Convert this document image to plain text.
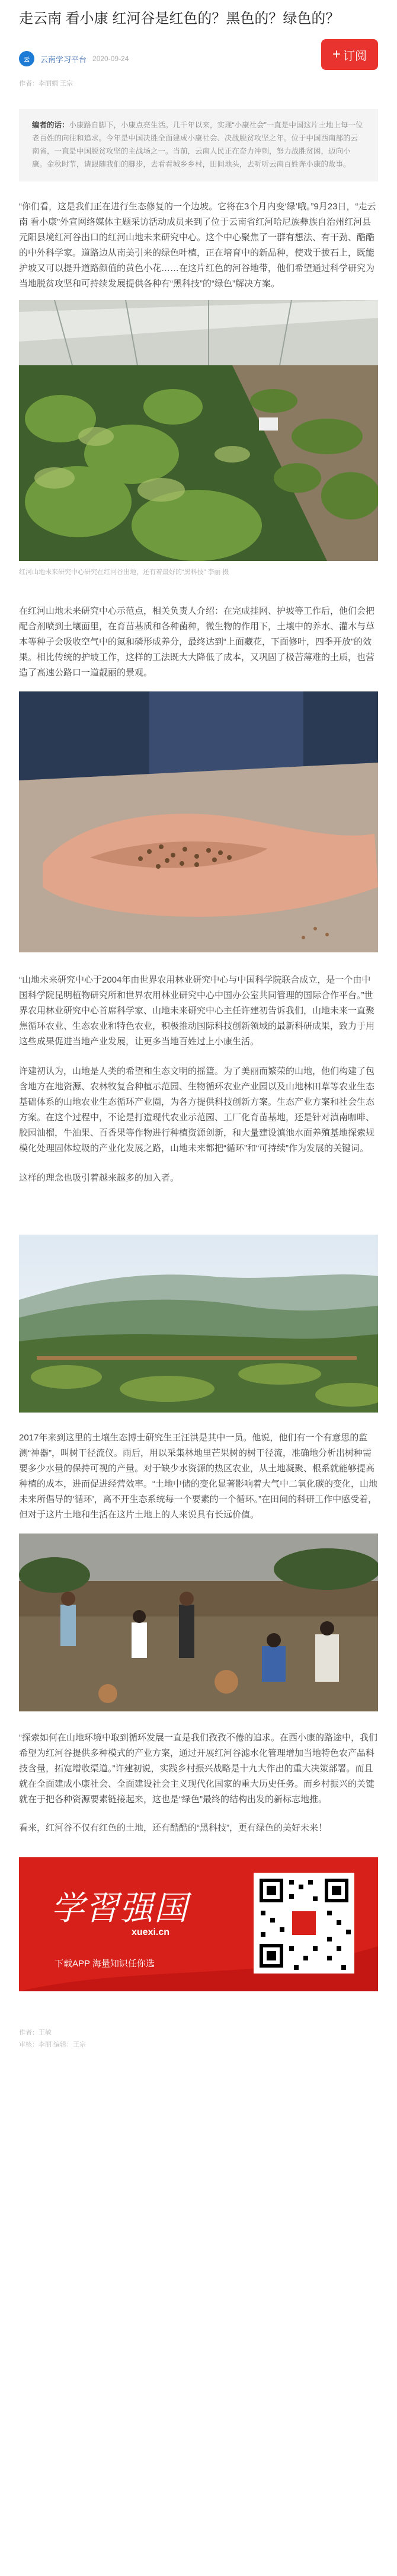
走云南 看小康 红河谷是红色的？黑色的？绿色的？
云	云南学习平台 2020-09-24	+ 订阅
作者：李丽娟 王宗
编者的话：小康路自脚下，小康点亮生活。几千年以来，实现“小康社会”一直是中国这片土地上每一位老百姓的向往和追求。今年是中国决胜全面建成小康社会、决战脱贫攻坚之年。位于中国西南部的云南省，一直是中国脱贫攻坚的主战场之一。当前，云南人民正在奋力冲刺，努力战胜贫困，迈向小康。金秋时节，请跟随我们的脚步，去看看城乡乡村，田间地头，去听听云南百姓奔小康的故事。

“你们看，这是我们正在进行生态修复的一个边坡。它将在3个月内变‘绿’哦。”9月23日，“走云南 看小康”外宣网络媒体主题采访活动成员来到了位于云南省红河哈尼族彝族自治州红河县元阳县境红河谷出口的红河山地未来研究中心。这个中心聚焦了一群有想法、有干劲、酷酷的中外科学家。道路边从南美引来的绿色叶植，正在培育中的新品种，使戏于拔石上，既能护坡又可以提升道路颜值的黄色小花……在这片红色的河谷地带，他们希望通过科学研究为当地脱贫攻坚和可持续发展提供各种有“黑科技”的“绿色”解决方案。

红河山地未来研究中心研究在红河谷出地，还有着最好的“黑科技” 李丽 摄

在红河山地未来研究中心示范点，相关负责人介绍：在完成挂网、护坡等工作后，他们会把配合剂喷到土壤面里，在育苗基质和各种菌种，微生物的作用下，土壤中的养水、灌木与草本等种子会吸收空气中的氮和磷形成养分，最终达到“上面藏花，下面修叶，四季开放”的效果。相比传统的护坡工作，这样的工法既大大降低了成本，又巩固了极苦薄难的土质，也营造了高速公路口一道靓丽的景观。

“山地未来研究中心于2004年由世界农用林业研究中心与中国科学院联合成立，是一个由中国科学院昆明植物研究所和世界农用林业研究中心中国办公室共同管理的国际合作平台。”世界农用林业研究中心首席科学家、山地未来研究中心主任许建初告诉我们，山地未来一直聚焦循环农业、生态农业和特色农业，积极推动国际科技创新领域的最新科研成果，致力于用这些成果促进当地产业发展，让更多当地百姓过上小康生活。

许建初认为，山地是人类的希望和生态文明的摇篮。为了美丽而繁荣的山地，他们构建了包含地方在地资源、农林牧复合种植示范园、生物循环农业产业园以及山地林田草等农业生态基础体系的山地农业生态循环产业圈，为各方提供科技创新方案。生态产业方案和社会生态方案。在这个过程中，不论是打造现代农业示范园、工厂化育苗基地，还是针对滇南咖啡、胶园油榴，牛油果、百香果等作物进行种植资源创新，和大量建设滇池水面养殖基地探索规模化处理固体垃圾的产业化发展之路，山地未来都把“循环”和“可持续”作为发展的关键词。

这样的理念也吸引着越来越多的加入者。

2017年来到这里的土壤生态博士研究生王汪洪是其中一员。他说，他们有一个有意思的监测“神器”，叫树干径流仪。雨后，用以采集林地里芒果树的树干径流，准确地分析出树种需要多少水量的保持可视的产量。对于缺少水资源的热区农业，从土地凝聚、根系就能够提高种植的成本，进而促进经营效率。“土地中储的变化显著影响着大气中二氧化碳的变化，山地未来所倡导的‘循环’，离不开生态系统每一个要素的一个循环。”在田间的科研工作中感受着，但对于这片土地和生活在这片土地上的人来说具有长远价值。

“探索如何在山地环境中取到循环发展一直是我们孜孜不倦的追求。在西小康的路途中，我们希望为红河谷提供多种模式的产业方案，通过开展红河谷滤水化管理增加当地特色农产品科技含量，拓宽增收渠道。”许建初说，实践乡村振兴战略是十九大作出的重大决策部署。而且就在全面建成小康社会、全面建设社会主义现代化国家的重大历史任务。而乡村振兴的关键就在于把各种资源要素链接起来，这也是“绿色”最终的结构出发的新标志地推。

看来，红河谷不仅有红色的土地，还有酷酷的“黑科技”，更有绿色的美好未来！

学習强国
xuexi.cn
下载APP 海量知识任你选
作者：王敏
审核：李丽 编辑：王宗
